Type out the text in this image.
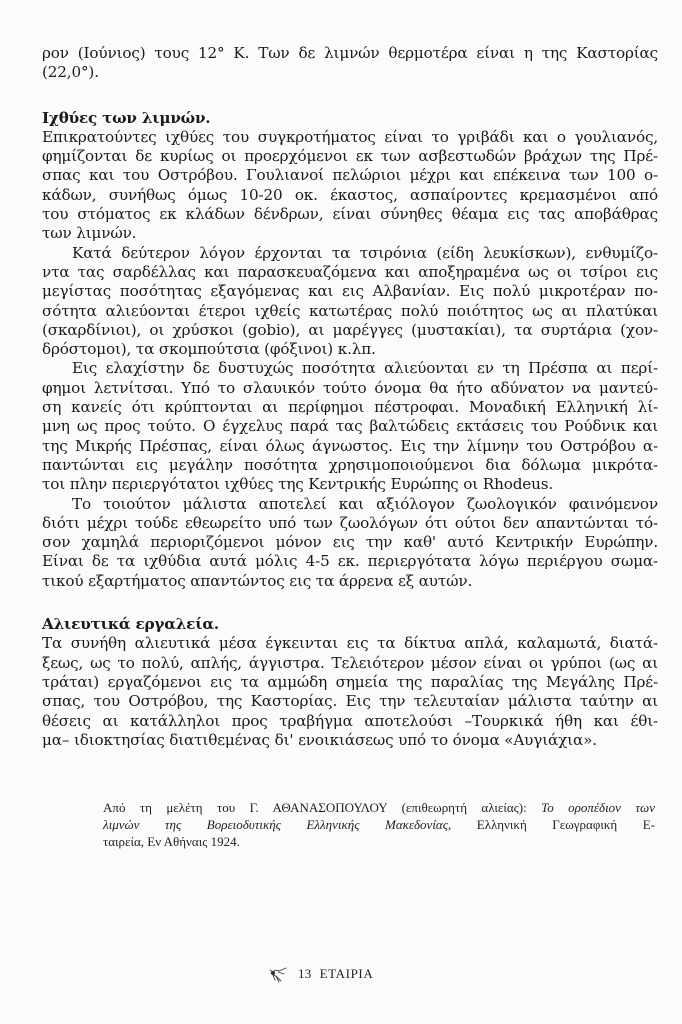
ρον (Ιούνιος) τους 12° Κ. Των δε λιμνών θερμοτέρα είναι η της Καστορίας
(22,0°).
Ιχθύες των λιμνών.
Επικρατούντες ιχθύες του συγκροτήματος είναι το γριβάδι και ο γουλιανός,
φημίζονται δε κυρίως οι προερχόμενοι εκ των ασβεστωδών βράχων της Πρέ-
σπας και του Οστρόβου. Γουλιανοί πελώριοι μέχρι και επέκεινα των 100 ο-
κάδων, συνήθως όμως 10-20 οκ. έκαστος, ασπαίροντες κρεμασμένοι από
του στόματος εκ κλάδων δένδρων, είναι σύνηθες θέαμα εις τας αποβάθρας
των λιμνών.
Κατά δεύτερον λόγον έρχονται τα τσιρόνια (είδη λευκίσκων), ενθυμίζο-
ντα τας σαρδέλλας και παρασκευαζόμενα και αποξηραμένα ως οι τσίροι εις
μεγίστας ποσότητας εξαγόμενας και εις Αλβανίαν. Εις πολύ μικροτέραν πο-
σότητα αλιεύονται έτεροι ιχθείς κατωτέρας πολύ ποιότητος ως αι πλατύκαι
(σκαρδίνιοι), οι χρύσκοι (gobio), αι μαρέγγες (μυστακίαι), τα συρτάρια (χον-
δρόστομοι), τα σκομπούτσια (φόξινοι) κ.λπ.
Εις ελαχίστην δε δυστυχώς ποσότητα αλιεύονται εν τη Πρέσπα αι περί-
φημοι λετνίτσαι. Υπό το σλαυικόν τούτο όνομα θα ήτο αδύνατον να μαντεύ-
ση κανείς ότι κρύπτονται αι περίφημοι πέστροφαι. Μοναδική Ελληνική λί-
μνη ως προς τούτο. Ο έγχελυς παρά τας βαλτώδεις εκτάσεις του Ρούδνικ και
της Μικρής Πρέσπας, είναι όλως άγνωστος. Εις την λίμνην του Οστρόβου α-
παντώνται εις μεγάλην ποσότητα χρησιμοποιούμενοι δια δόλωμα μικρότα-
τοι πλην περιεργότατοι ιχθύες της Κεντρικής Ευρώπης οι Rhodeus.
Το τοιούτον μάλιστα αποτελεί και αξιόλογον ζωολογικόν φαινόμενον
διότι μέχρι τούδε εθεωρείτο υπό των ζωολόγων ότι ούτοι δεν απαντώνται τό-
σον χαμηλά περιοριζόμενοι μόνον εις την καθ' αυτό Κεντρικήν Ευρώπην.
Είναι δε τα ιχθύδια αυτά μόλις 4-5 εκ. περιεργότατα λόγω περιέργου σωμα-
τικού εξαρτήματος απαντώντος εις τα άρρενα εξ αυτών.
Αλιευτικά εργαλεία.
Τα συνήθη αλιευτικά μέσα έγκεινται εις τα δίκτυα απλά, καλαμωτά, διατά-
ξεως, ως το πολύ, απλής, άγγιστρα. Τελειότερον μέσον είναι οι γρύποι (ως αι
τράται) εργαζόμενοι εις τα αμμώδη σημεία της παραλίας της Μεγάλης Πρέ-
σπας, του Οστρόβου, της Καστορίας. Εις την τελευταίαν μάλιστα ταύτην αι
θέσεις αι κατάλληλοι προς τραβήγμα αποτελούσι –Τουρκικά ήθη και έθι-
μα– ιδιοκτησίας διατιθεμένας δι' ενοικιάσεως υπό το όνομα «Αυγιάχια».
Από τη μελέτη του Γ. ΑΘΑΝΑΣΟΠΟΥΛΟΥ (επιθεωρητή αλιείας): Το οροπέδιον των
λιμνών της Βορειοδυτικής Ελληνικής Μακεδονίας, Ελληνική Γεωγραφική Ε-
ταιρεία, Εν Αθήναις 1924.
13 ΕΤΑΙΡΙΑ
